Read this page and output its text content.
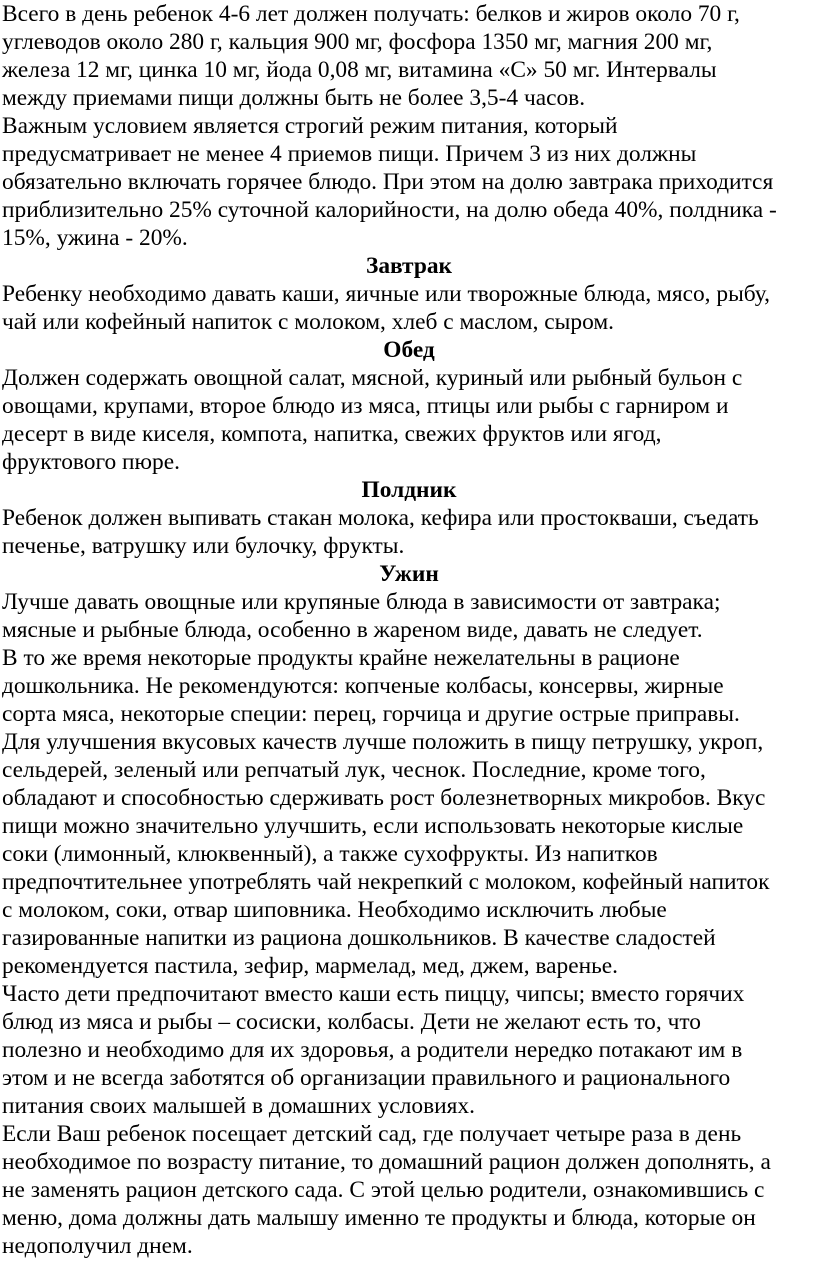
Всего в день ребенок 4-6 лет должен получать: белков и жиров около 70 г,
углеводов около 280 г, кальция 900 мг, фосфора 1350 мг, магния 200 мг,
железа 12 мг, цинка 10 мг, йода 0,08 мг, витамина «С» 50 мг. Интервалы
между приемами пищи должны быть не более 3,5-4 часов.
Важным условием является строгий режим питания, который
предусматривает не менее 4 приемов пищи. Причем 3 из них должны
обязательно включать горячее блюдо. При этом на долю завтрака приходится
приблизительно 25% суточной калорийности, на долю обеда 40%, полдника -
15%, ужина - 20%.
Завтрак
Ребенку необходимо давать каши, яичные или творожные блюда, мясо, рыбу,
чай или кофейный напиток с молоком, хлеб с маслом, сыром.
Обед
Должен содержать овощной салат, мясной, куриный или рыбный бульон с
овощами, крупами, второе блюдо из мяса, птицы или рыбы с гарниром и
десерт в виде киселя, компота, напитка, свежих фруктов или ягод,
фруктового пюре.
Полдник
Ребенок должен выпивать стакан молока, кефира или простокваши, съедать
печенье, ватрушку или булочку, фрукты.
Ужин
Лучше давать овощные или крупяные блюда в зависимости от завтрака;
мясные и рыбные блюда, особенно в жареном виде, давать не следует.
В то же время некоторые продукты крайне нежелательны в рационе
дошкольника. Не рекомендуются: копченые колбасы, консервы, жирные
сорта мяса, некоторые специи: перец, горчица и другие острые приправы.
Для улучшения вкусовых качеств лучше положить в пищу петрушку, укроп,
сельдерей, зеленый или репчатый лук, чеснок. Последние, кроме того,
обладают и способностью сдерживать рост болезнетворных микробов. Вкус
пищи можно значительно улучшить, если использовать некоторые кислые
соки (лимонный, клюквенный), а также сухофрукты. Из напитков
предпочтительнее употреблять чай некрепкий с молоком, кофейный напиток
с молоком, соки, отвар шиповника. Необходимо исключить любые
газированные напитки из рациона дошкольников. В качестве сладостей
рекомендуется пастила, зефир, мармелад, мед, джем, варенье.
Часто дети предпочитают вместо каши есть пиццу, чипсы; вместо горячих
блюд из мяса и рыбы – сосиски, колбасы. Дети не желают есть то, что
полезно и необходимо для их здоровья, а родители нередко потакают им в
этом и не всегда заботятся об организации правильного и рационального
питания своих малышей в домашних условиях.
Если Ваш ребенок посещает детский сад, где получает четыре раза в день
необходимое по возрасту питание, то домашний рацион должен дополнять, а
не заменять рацион детского сада. С этой целью родители, ознакомившись с
меню, дома должны дать малышу именно те продукты и блюда, которые он
недополучил днем.
